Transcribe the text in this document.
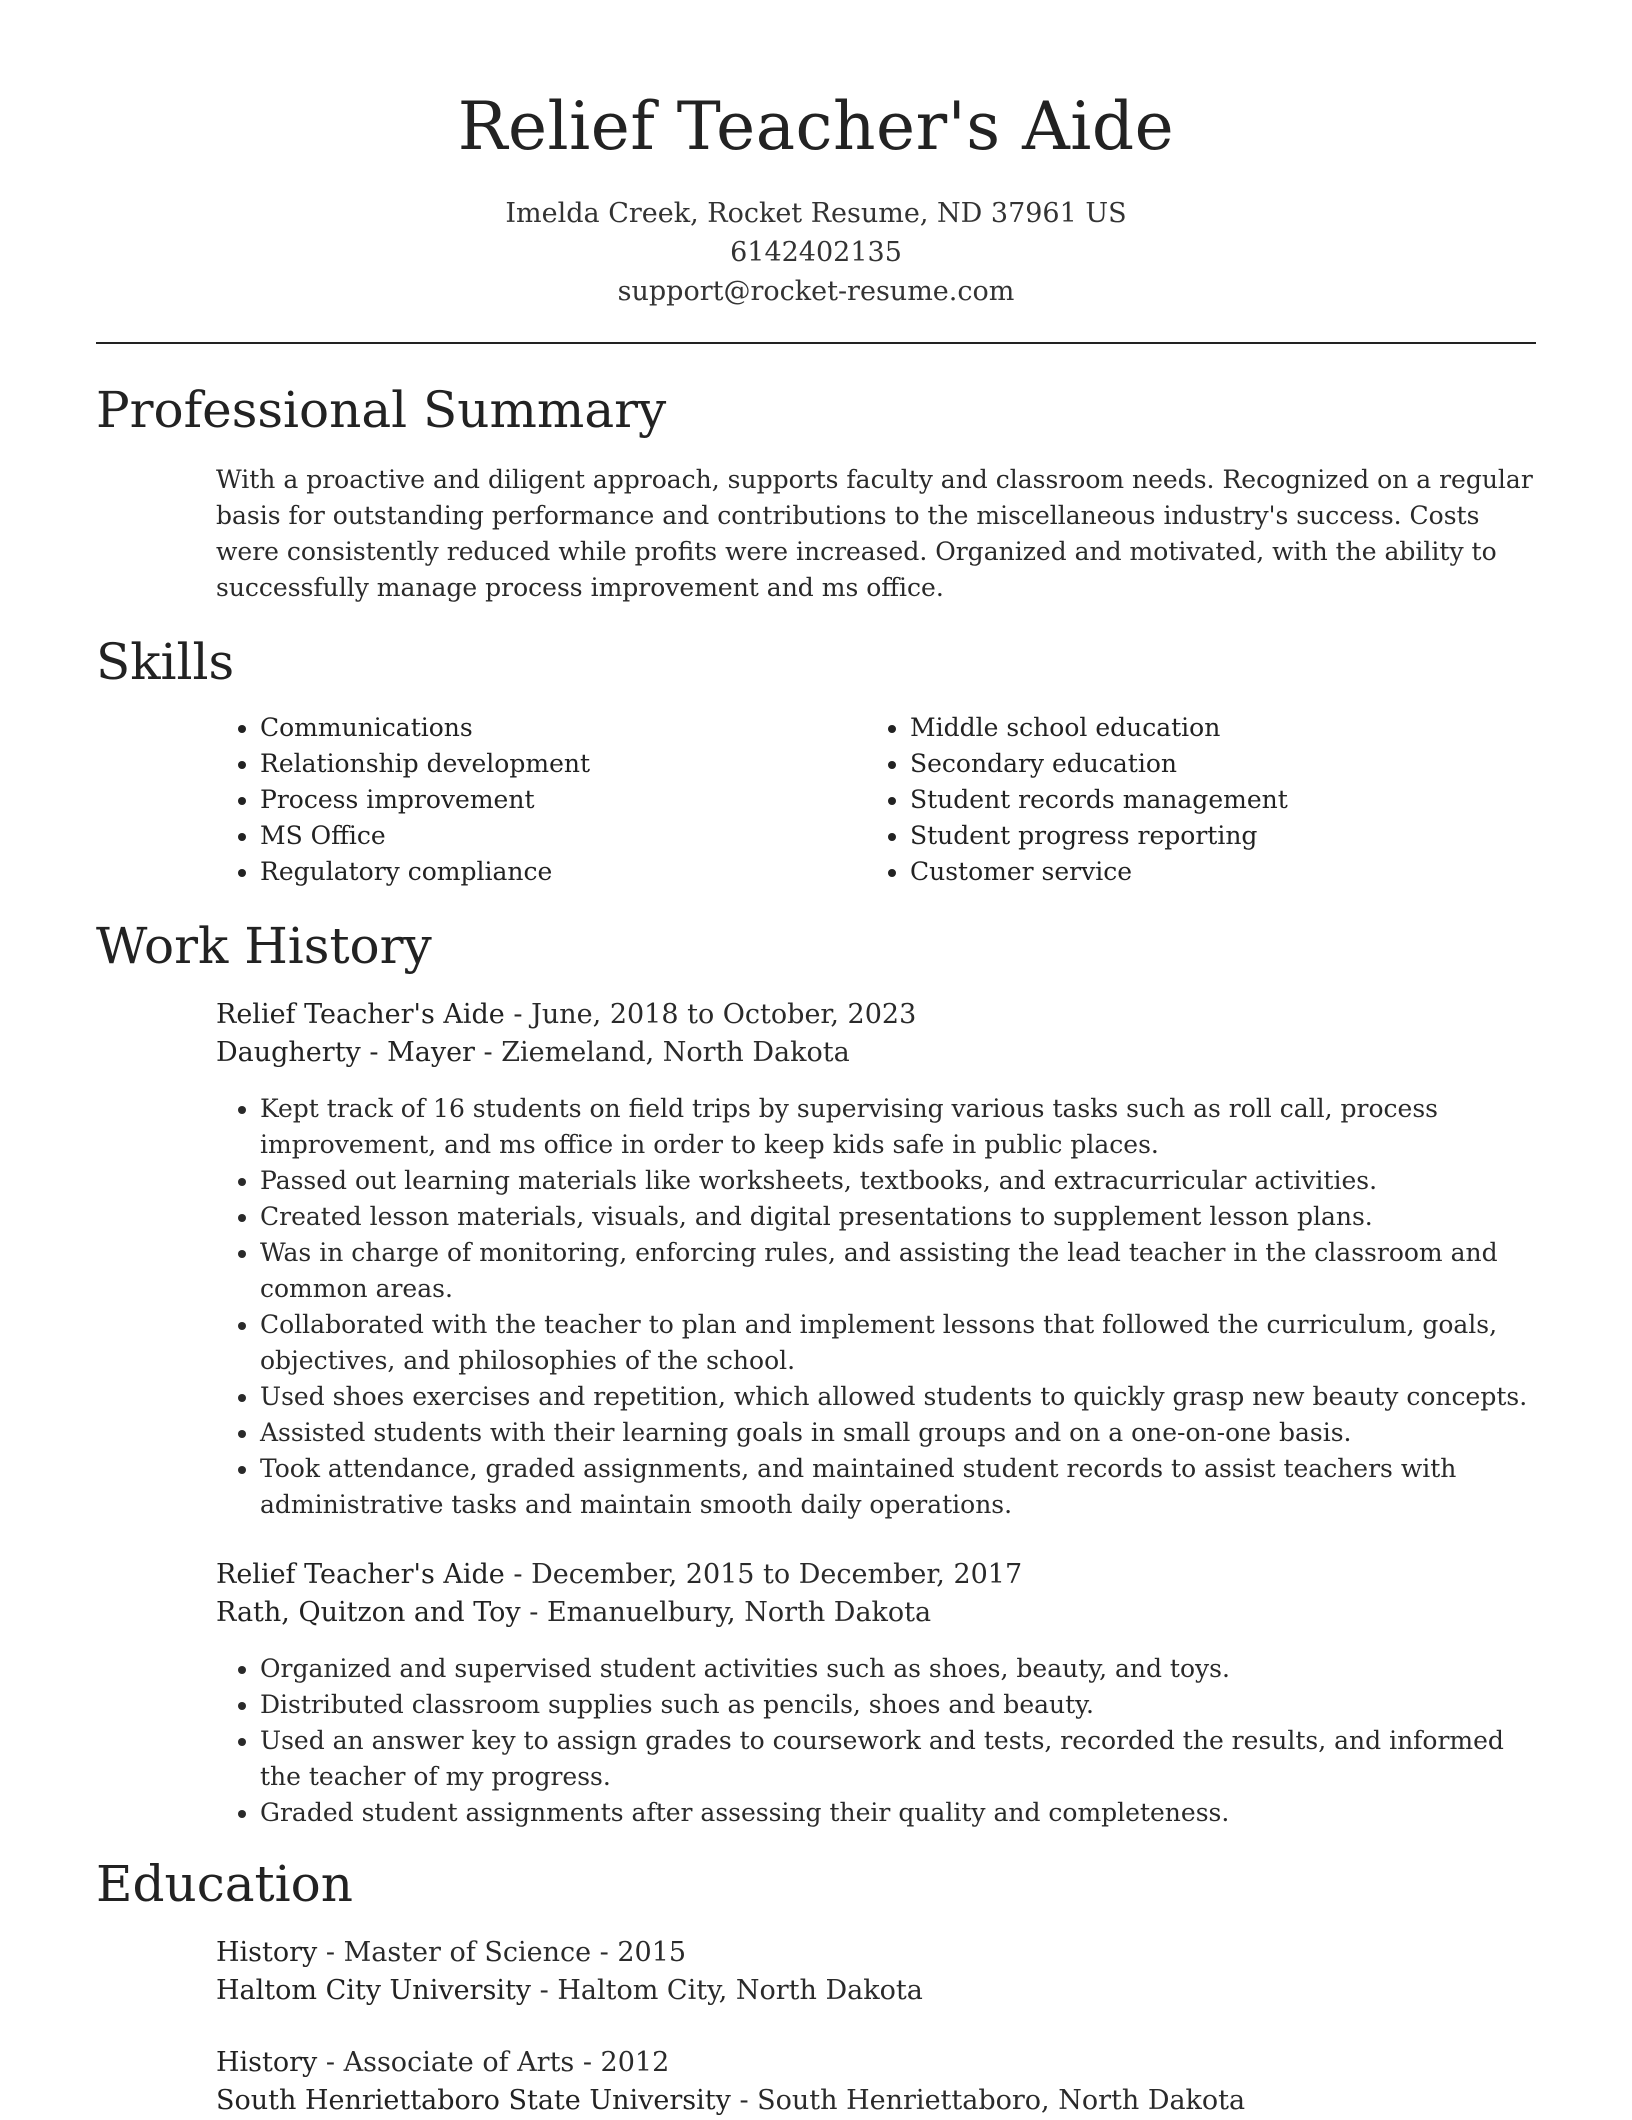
Relief Teacher's Aide
Imelda Creek, Rocket Resume, ND 37961 US
6142402135
support@rocket-resume.com
Professional Summary
With a proactive and diligent approach, supports faculty and classroom needs. Recognized on a regular basis for outstanding performance and contributions to the miscellaneous industry's success. Costs were consistently reduced while profits were increased. Organized and motivated, with the ability to successfully manage process improvement and ms office.
Skills
• Communications
• Relationship development
• Process improvement
• MS Office
• Regulatory compliance
• Middle school education
• Secondary education
• Student records management
• Student progress reporting
• Customer service
Work History
Relief Teacher's Aide - June, 2018 to October, 2023
Daugherty - Mayer - Ziemeland, North Dakota
• Kept track of 16 students on field trips by supervising various tasks such as roll call, process improvement, and ms office in order to keep kids safe in public places.
• Passed out learning materials like worksheets, textbooks, and extracurricular activities.
• Created lesson materials, visuals, and digital presentations to supplement lesson plans.
• Was in charge of monitoring, enforcing rules, and assisting the lead teacher in the classroom and common areas.
• Collaborated with the teacher to plan and implement lessons that followed the curriculum, goals, objectives, and philosophies of the school.
• Used shoes exercises and repetition, which allowed students to quickly grasp new beauty concepts.
• Assisted students with their learning goals in small groups and on a one-on-one basis.
• Took attendance, graded assignments, and maintained student records to assist teachers with administrative tasks and maintain smooth daily operations.
Relief Teacher's Aide - December, 2015 to December, 2017
Rath, Quitzon and Toy - Emanuelbury, North Dakota
• Organized and supervised student activities such as shoes, beauty, and toys.
• Distributed classroom supplies such as pencils, shoes and beauty.
• Used an answer key to assign grades to coursework and tests, recorded the results, and informed the teacher of my progress.
• Graded student assignments after assessing their quality and completeness.
Education
History - Master of Science - 2015
Haltom City University - Haltom City, North Dakota
History - Associate of Arts - 2012
South Henriettaboro State University - South Henriettaboro, North Dakota
